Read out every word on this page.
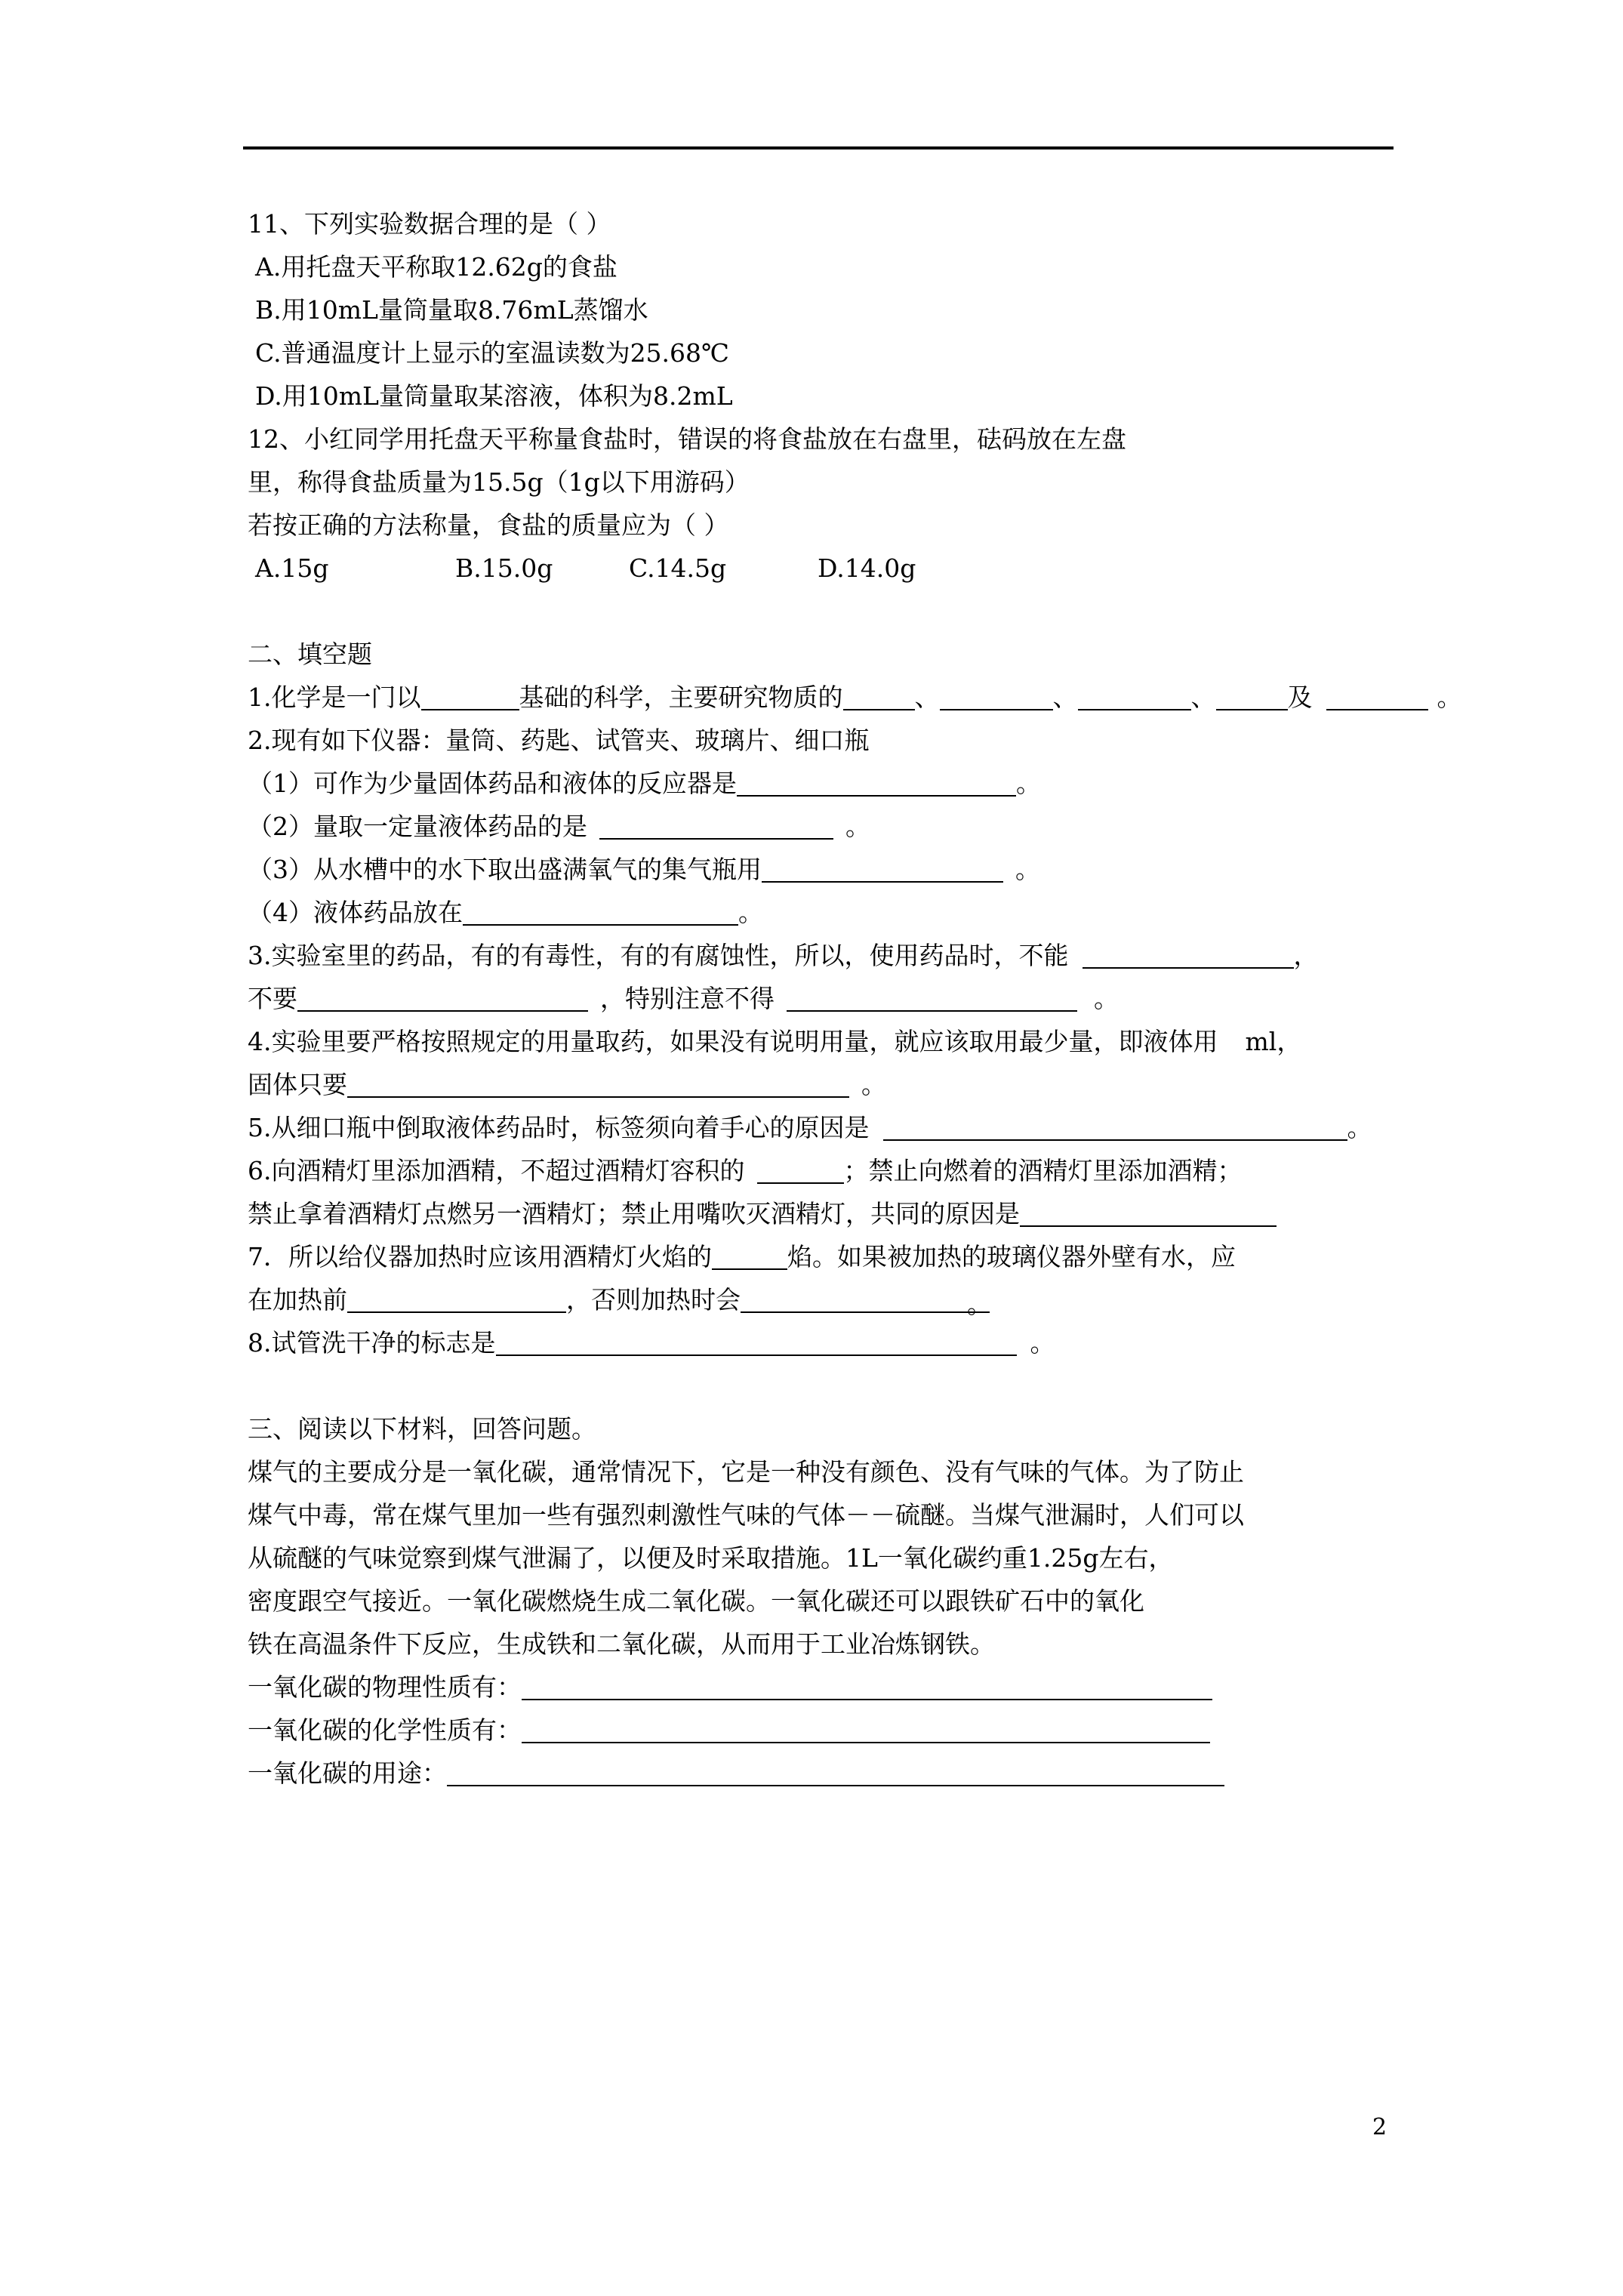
11、下列实验数据合理的是（ ）
A.用托盘天平称取12.62g的食盐
B.用10mL量筒量取8.76mL蒸馏水
C.普通温度计上显示的室温读数为25.68℃
D.用10mL量筒量取某溶液，体积为8.2mL
12、小红同学用托盘天平称量食盐时，错误的将食盐放在右盘里，砝码放在左盘
里，称得食盐质量为15.5g（1g以下用游码）
若按正确的方法称量，食盐的质量应为（ ）
A.15g	B.15.0g	C.14.5g	D.14.0g
二、填空题
1.化学是一门以	基础的科学，主要研究物质的	、	、	、	及	。
2.现有如下仪器：量筒、药匙、试管夹、玻璃片、细口瓶
（1）可作为少量固体药品和液体的反应器是	。
（2）量取一定量液体药品的是	。
（3）从水槽中的水下取出盛满氧气的集气瓶用	。
（4）液体药品放在	。
3.实验室里的药品，有的有毒性，有的有腐蚀性，所以，使用药品时，不能	，
不要	，特别注意不得	。
4.实验里要严格按照规定的用量取药，如果没有说明用量，就应该取用最少量，即液体用 ml，
固体只要	。
5.从细口瓶中倒取液体药品时，标签须向着手心的原因是	。
6.向酒精灯里添加酒精，不超过酒精灯容积的	；禁止向燃着的酒精灯里添加酒精；
禁止拿着酒精灯点燃另一酒精灯；禁止用嘴吹灭酒精灯，共同的原因是
7．所以给仪器加热时应该用酒精灯火焰的	焰。如果被加热的玻璃仪器外壁有水，应
在加热前	，否则加热时会	。
8.试管洗干净的标志是	。
三、阅读以下材料，回答问题。
煤气的主要成分是一氧化碳，通常情况下，它是一种没有颜色、没有气味的气体。为了防止
煤气中毒，常在煤气里加一些有强烈刺激性气味的气体－－硫醚。当煤气泄漏时，人们可以
从硫醚的气味觉察到煤气泄漏了，以便及时采取措施。1L一氧化碳约重1.25g左右，
密度跟空气接近。一氧化碳燃烧生成二氧化碳。一氧化碳还可以跟铁矿石中的氧化
铁在高温条件下反应，生成铁和二氧化碳，从而用于工业冶炼钢铁。
一氧化碳的物理性质有：
一氧化碳的化学性质有：
一氧化碳的用途：
2
